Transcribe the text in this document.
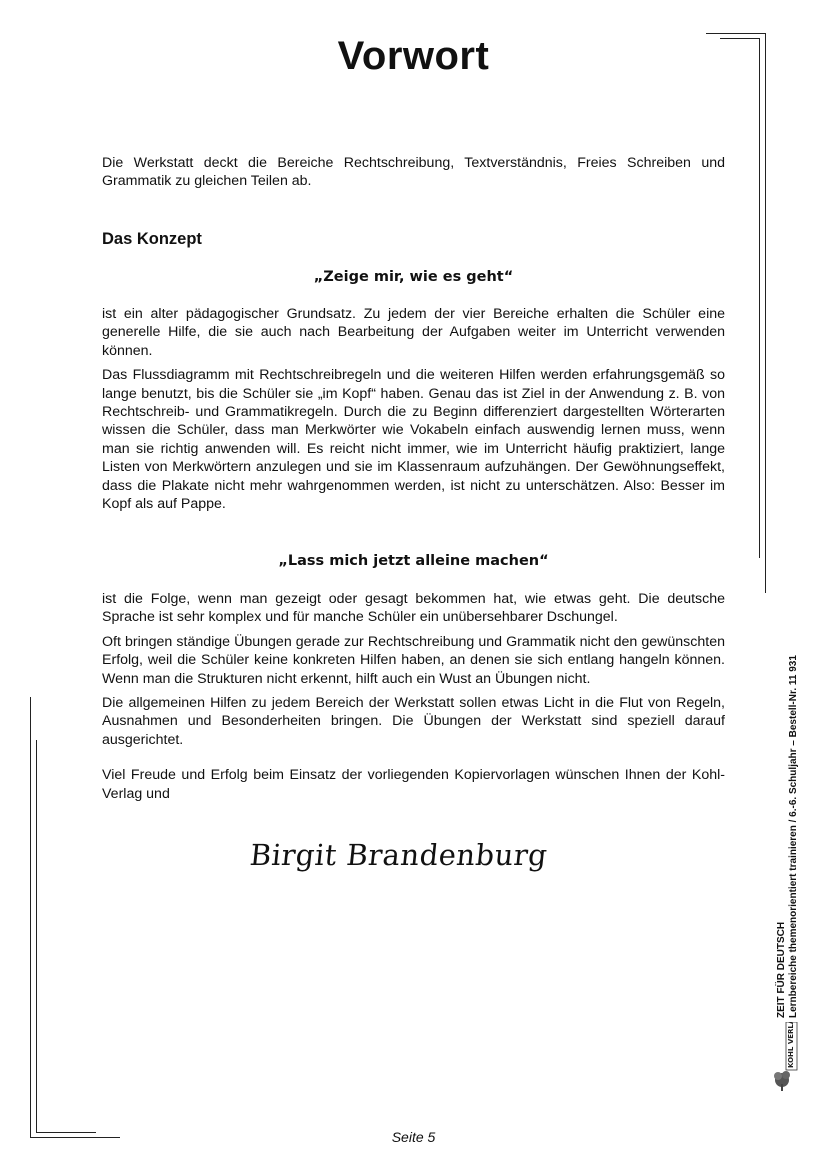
Vorwort

Die Werkstatt deckt die Bereiche Rechtschreibung, Textverständnis, Freies Schreiben und Grammatik zu gleichen Teilen ab.

Das Konzept
„Zeige mir, wie es geht“

ist ein alter pädagogischer Grundsatz. Zu jedem der vier Bereiche erhalten die Schüler eine generelle Hilfe, die sie auch nach Bearbeitung der Aufgaben weiter im Unterricht verwenden können.

Das Flussdiagramm mit Rechtschreibregeln und die weiteren Hilfen werden erfahrungsgemäß so lange benutzt, bis die Schüler sie „im Kopf“ haben. Genau das ist Ziel in der Anwendung z. B. von Rechtschreib- und Grammatikregeln. Durch die zu Beginn differenziert dargestellten Wörterarten wissen die Schüler, dass man Merkwörter wie Vokabeln einfach auswendig lernen muss, wenn man sie richtig anwenden will. Es reicht nicht immer, wie im Unterricht häufig praktiziert, lange Listen von Merkwörtern anzulegen und sie im Klassenraum aufzuhängen. Der Gewöhnungseffekt, dass die Plakate nicht mehr wahrgenommen werden, ist nicht zu unterschätzen. Also: Besser im Kopf als auf Pappe.

„Lass mich jetzt alleine machen“

ist die Folge, wenn man gezeigt oder gesagt bekommen hat, wie etwas geht. Die deutsche Sprache ist sehr komplex und für manche Schüler ein unübersehbarer Dschungel.

Oft bringen ständige Übungen gerade zur Rechtschreibung und Grammatik nicht den gewünschten Erfolg, weil die Schüler keine konkreten Hilfen haben, an denen sie sich entlang hangeln können. Wenn man die Strukturen nicht erkennt, hilft auch ein Wust an Übungen nicht.

Die allgemeinen Hilfen zu jedem Bereich der Werkstatt sollen etwas Licht in die Flut von Regeln, Ausnahmen und Besonderheiten bringen. Die Übungen der Werkstatt sind speziell darauf ausgerichtet.

Viel Freude und Erfolg beim Einsatz der vorliegenden Kopiervorlagen wünschen Ihnen der Kohl-Verlag und

Birgit Brandenburg
ZEIT FÜR DEUTSCH Lernbereiche themenorientiert trainieren / 6.-6. Schuljahr – Bestell-Nr. 11 931
KOHL VERLAG
Seite 5
